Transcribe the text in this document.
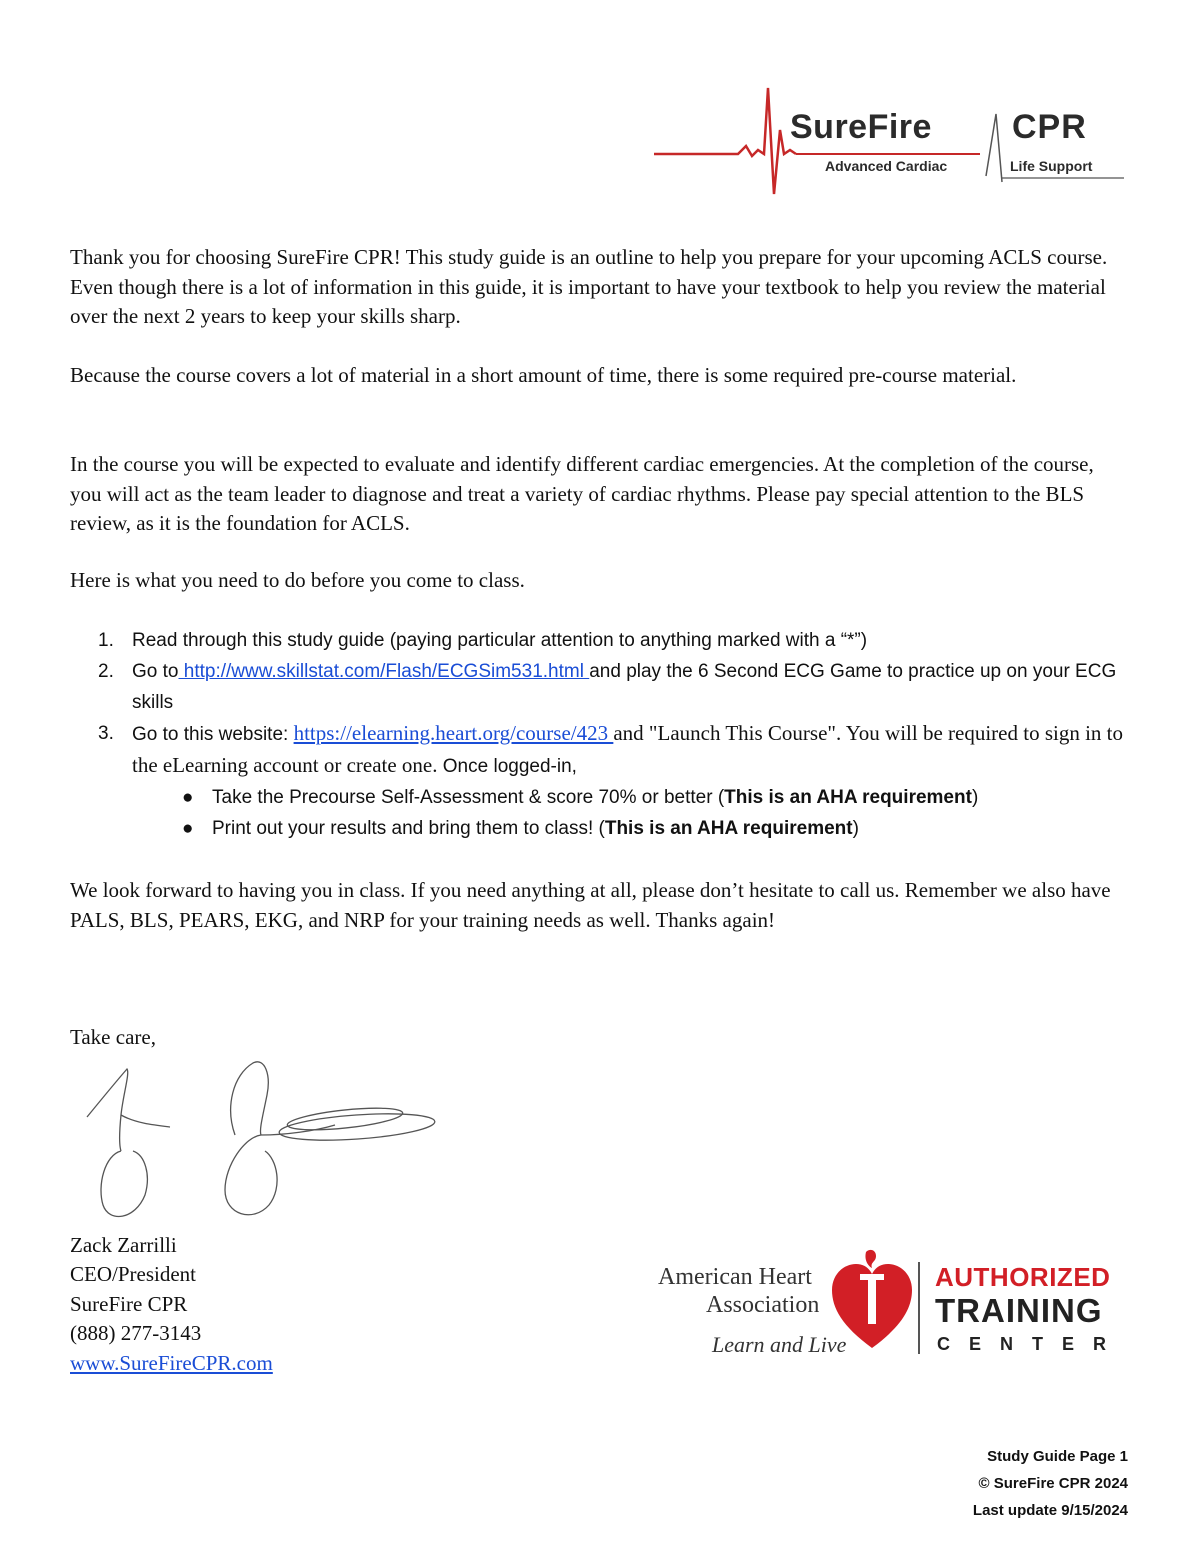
SureFire CPR
Advanced Cardiac	Life Support

Thank you for choosing SureFire CPR! This study guide is an outline to help you prepare for your upcoming ACLS course. Even though there is a lot of information in this guide, it is important to have your textbook to help you review the material over the next 2 years to keep your skills sharp.

Because the course covers a lot of material in a short amount of time, there is some required pre-course material.

In the course you will be expected to evaluate and identify different cardiac emergencies. At the completion of the course, you will act as the team leader to diagnose and treat a variety of cardiac rhythms. Please pay special attention to the BLS review, as it is the foundation for ACLS.

Here is what you need to do before you come to class.

1. Read through this study guide (paying particular attention to anything marked with a “*”)
2. Go to http://www.skillstat.com/Flash/ECGSim531.html and play the 6 Second ECG Game to practice up on your ECG skills
3. Go to this website: https://elearning.heart.org/course/423 and "Launch This Course". You will be required to sign in to the eLearning account or create one. Once logged-in,
● Take the Precourse Self-Assessment & score 70% or better (This is an AHA requirement)
● Print out your results and bring them to class! (This is an AHA requirement)

We look forward to having you in class. If you need anything at all, please don’t hesitate to call us. Remember we also have PALS, BLS, PEARS, EKG, and NRP for your training needs as well. Thanks again!

Take care,

Zack Zarrilli
CEO/President
SureFire CPR
(888) 277-3143
www.SureFireCPR.com
American Heart
Association
Learn and Live
AUTHORIZED
TRAINING
CENTER
Study Guide Page 1
© SureFire CPR 2024
Last update 9/15/2024
